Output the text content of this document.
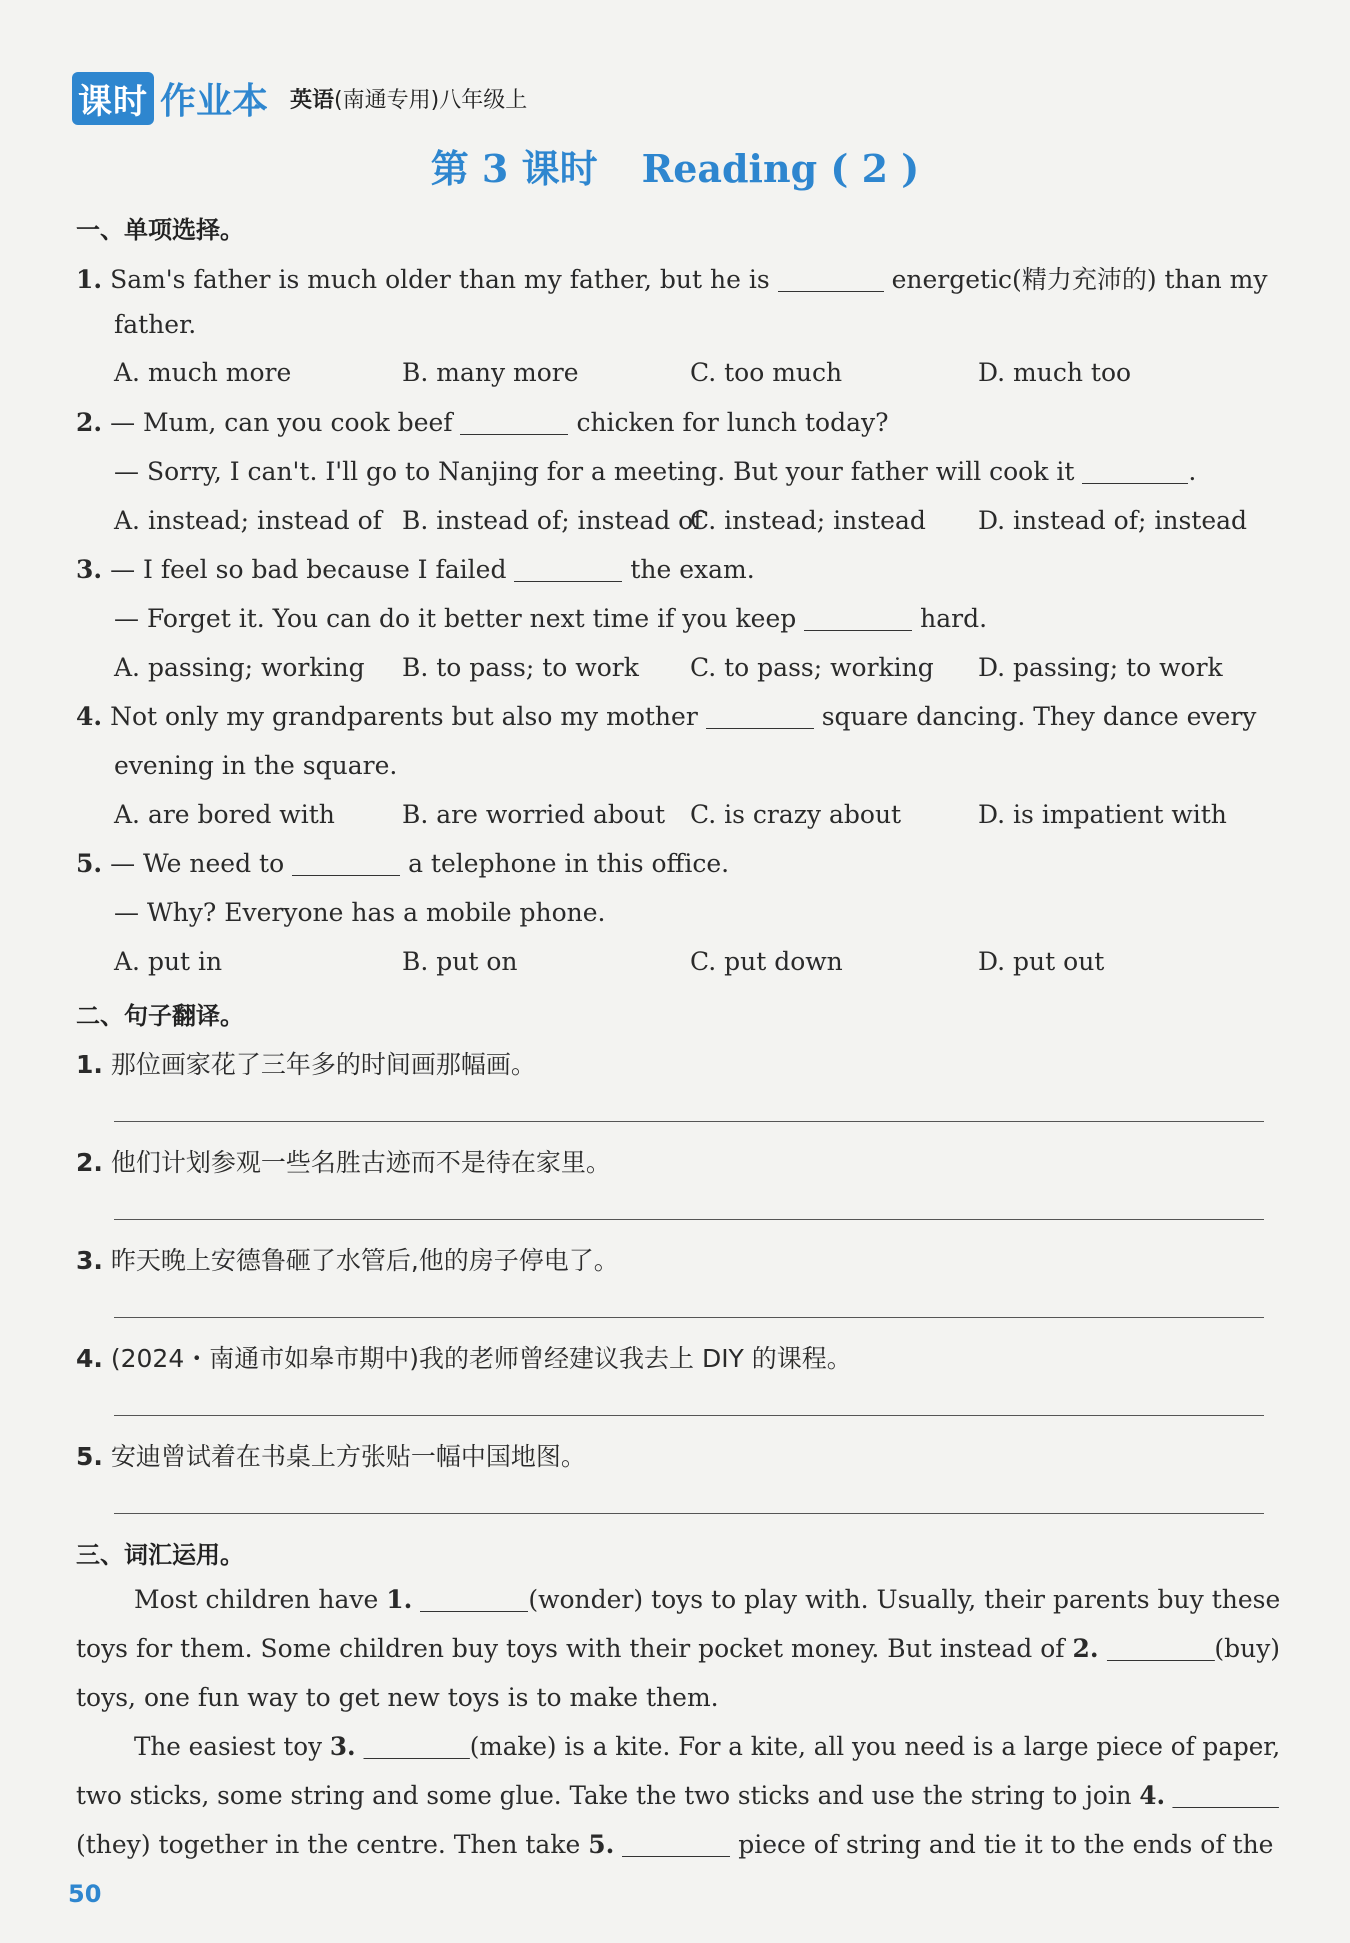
课时 作业本 英语(南通专用)八年级上
第 3 课时 Reading ( 2 )
一、单项选择。
1. Sam's father is much older than my father, but he is	energetic(精力充沛的) than my
father.
A. much more	B. many more	C. too much	D. much too
2. — Mum, can you cook beef	chicken for lunch today?
— Sorry, I can't. I'll go to Nanjing for a meeting. But your father will cook it	.
A. instead; instead of B. instead of; instead of
C. instead; instead D. instead of; instead
3. — I feel so bad because I failed	the exam.
— Forget it. You can do it better next time if you keep	hard.
A. passing; working B. to pass; to work C. to pass; working D. passing; to work
4. Not only my grandparents but also my mother	square dancing. They dance every
evening in the square.
A. are bored with	B. are worried about C. is crazy about	D. is impatient with
5. — We need to	a telephone in this office.
— Why? Everyone has a mobile phone.
A. put in	B. put on	C. put down	D. put out
二、句子翻译。
1. 那位画家花了三年多的时间画那幅画。
2. 他们计划参观一些名胜古迹而不是待在家里。
3. 昨天晚上安德鲁砸了水管后,他的房子停电了。
4. (2024・南通市如皋市期中)我的老师曾经建议我去上 DIY 的课程。
5. 安迪曾试着在书桌上方张贴一幅中国地图。
三、词汇运用。
Most children have 1.	(wonder) toys to play with. Usually, their parents buy these
toys for them. Some children buy toys with their pocket money. But instead of 2.	(buy)
toys, one fun way to get new toys is to make them.
The easiest toy 3.	(make) is a kite. For a kite, all you need is a large piece of paper,
two sticks, some string and some glue. Take the two sticks and use the string to join 4.
(they) together in the centre. Then take 5.	piece of string and tie it to the ends of the
50
